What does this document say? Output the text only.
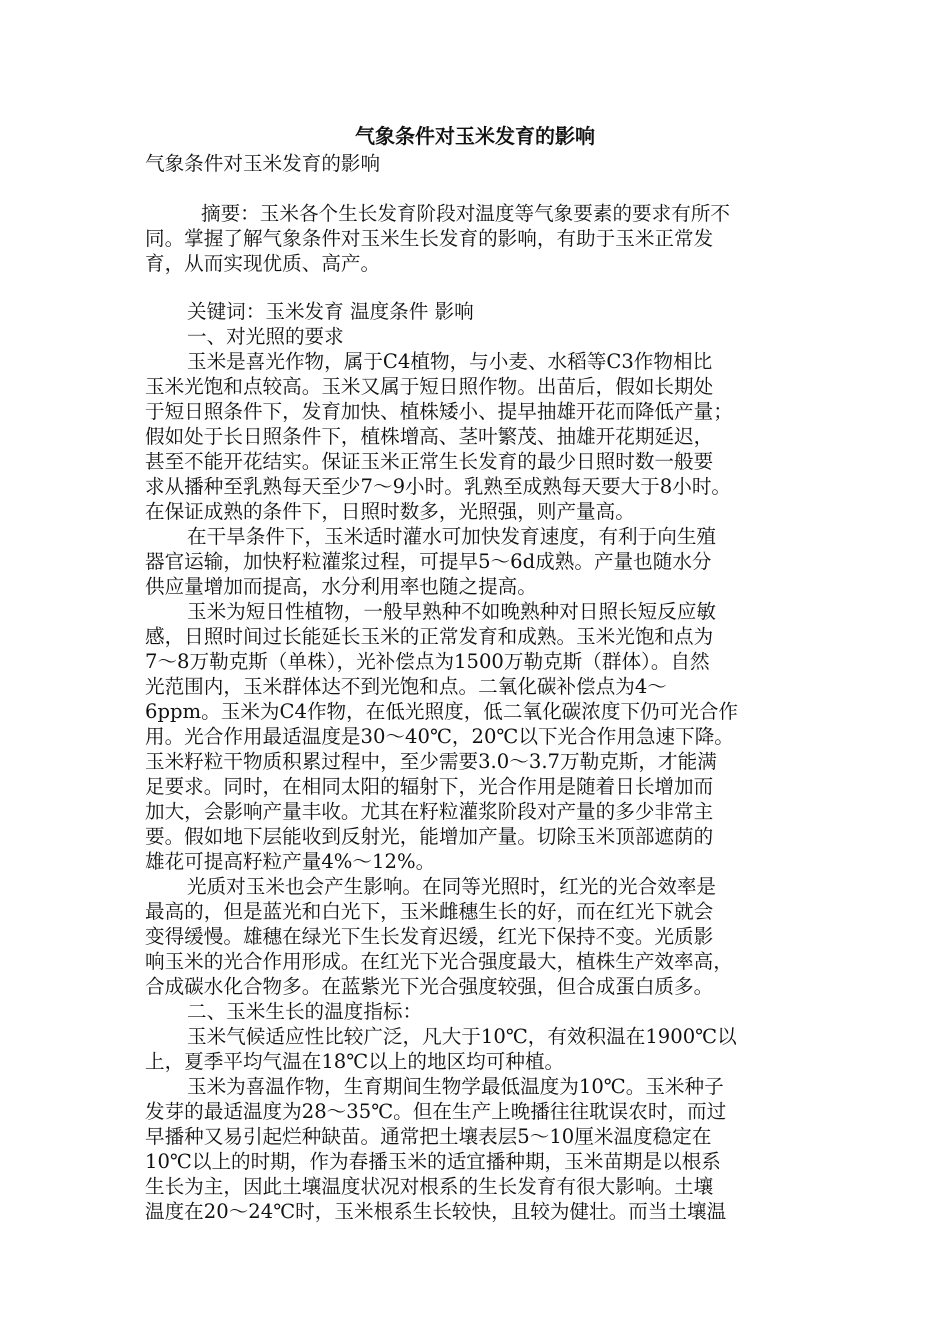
气象条件对玉米发育的影响
气象条件对玉米发育的影响
摘要：玉米各个生长发育阶段对温度等气象要素的要求有所不
同。掌握了解气象条件对玉米生长发育的影响，有助于玉米正常发
育，从而实现优质、高产。
关键词：玉米发育 温度条件 影响
一、对光照的要求
玉米是喜光作物，属于C4植物，与小麦、水稻等C3作物相比
玉米光饱和点较高。玉米又属于短日照作物。出苗后，假如长期处
于短日照条件下，发育加快、植株矮小、提早抽雄开花而降低产量；
假如处于长日照条件下，植株增高、茎叶繁茂、抽雄开花期延迟，
甚至不能开花结实。保证玉米正常生长发育的最少日照时数一般要
求从播种至乳熟每天至少7～9小时。乳熟至成熟每天要大于8小时。
在保证成熟的条件下，日照时数多，光照强，则产量高。
在干旱条件下，玉米适时灌水可加快发育速度，有利于向生殖
器官运输，加快籽粒灌浆过程，可提早5～6d成熟。产量也随水分
供应量增加而提高，水分利用率也随之提高。
玉米为短日性植物，一般早熟种不如晚熟种对日照长短反应敏
感，日照时间过长能延长玉米的正常发育和成熟。玉米光饱和点为
7～8万勒克斯（单株），光补偿点为1500万勒克斯（群体）。自然
光范围内，玉米群体达不到光饱和点。二氧化碳补偿点为4～
6ppm。玉米为C4作物，在低光照度，低二氧化碳浓度下仍可光合作
用。光合作用最适温度是30～40℃，20℃以下光合作用急速下降。
玉米籽粒干物质积累过程中，至少需要3.0～3.7万勒克斯，才能满
足要求。同时，在相同太阳的辐射下，光合作用是随着日长增加而
加大，会影响产量丰收。尤其在籽粒灌浆阶段对产量的多少非常主
要。假如地下层能收到反射光，能增加产量。切除玉米顶部遮荫的
雄花可提高籽粒产量4%～12%。
光质对玉米也会产生影响。在同等光照时，红光的光合效率是
最高的，但是蓝光和白光下，玉米雌穗生长的好，而在红光下就会
变得缓慢。雄穗在绿光下生长发育迟缓，红光下保持不变。光质影
响玉米的光合作用形成。在红光下光合强度最大，植株生产效率高，
合成碳水化合物多。在蓝紫光下光合强度较强，但合成蛋白质多。
二、玉米生长的温度指标：
玉米气候适应性比较广泛，凡大于10℃，有效积温在1900℃以
上，夏季平均气温在18℃以上的地区均可种植。
玉米为喜温作物，生育期间生物学最低温度为10℃。玉米种子
发芽的最适温度为28～35℃。但在生产上晚播往往耽误农时，而过
早播种又易引起烂种缺苗。通常把土壤表层5～10厘米温度稳定在
10℃以上的时期，作为春播玉米的适宜播种期，玉米苗期是以根系
生长为主，因此土壤温度状况对根系的生长发育有很大影响。土壤
温度在20～24℃时，玉米根系生长较快，且较为健壮。而当土壤温
